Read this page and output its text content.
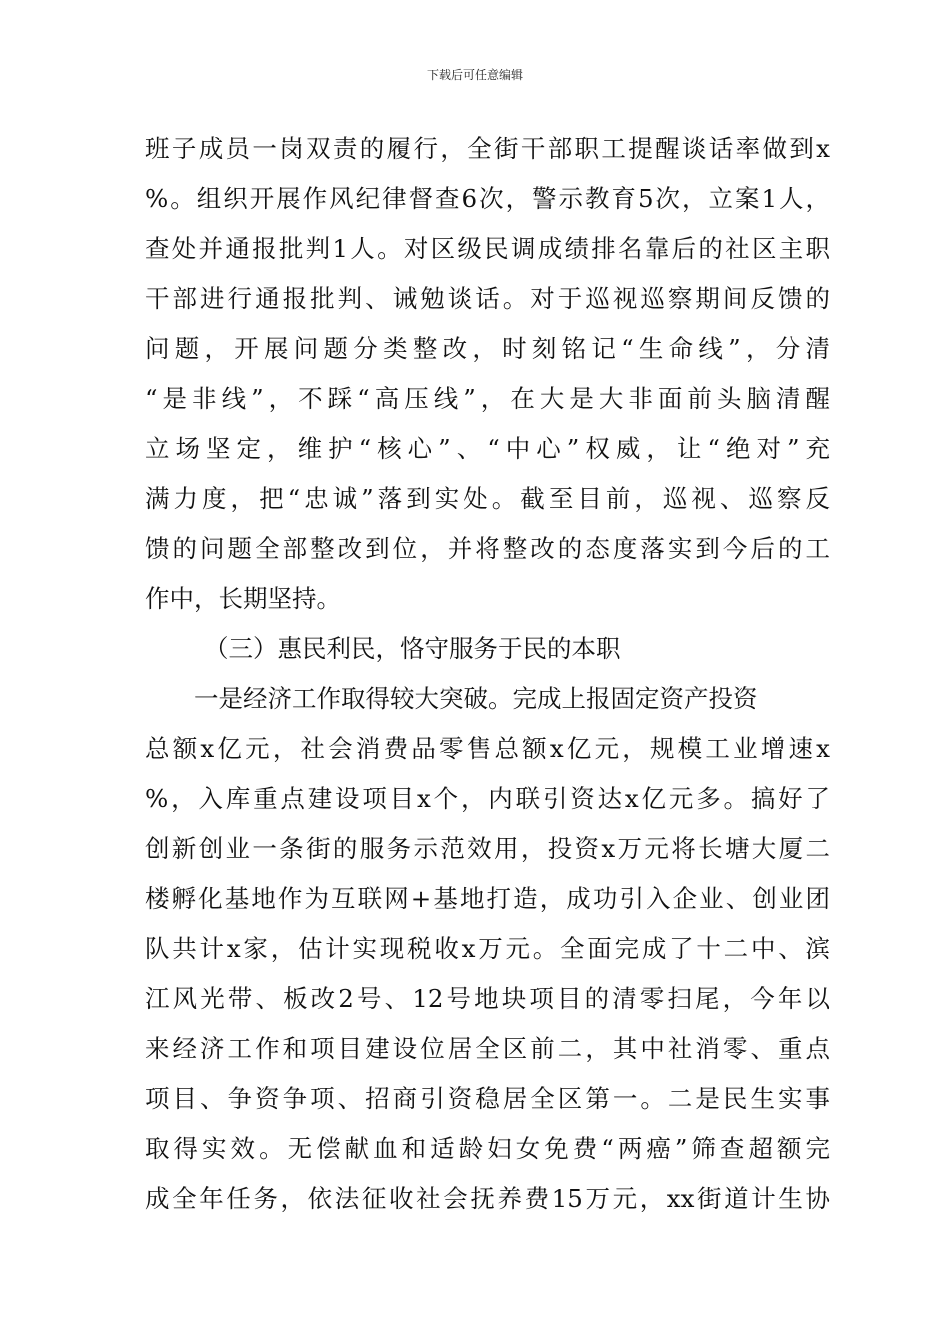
下载后可任意编辑
班子成员一岗双责的履行，全街干部职工提醒谈话率做到x
%。组织开展作风纪律督查6次，警示教育5次，立案1人，
查处并通报批判1人。对区级民调成绩排名靠后的社区主职
干部进行通报批判、诫勉谈话。对于巡视巡察期间反馈的
问题，开展问题分类整改，时刻铭记“生命线”，分清
“是非线”，不踩“高压线”，在大是大非面前头脑清醒
立场坚定，维护“核心”、“中心”权威，让“绝对”充
满力度，把“忠诚”落到实处。截至目前，巡视、巡察反
馈的问题全部整改到位，并将整改的态度落实到今后的工
作中，长期坚持。
（三）惠民利民，恪守服务于民的本职
一是经济工作取得较大突破。完成上报固定资产投资
总额x亿元，社会消费品零售总额x亿元，规模工业增速x
%，入库重点建设项目x个，内联引资达x亿元多。搞好了
创新创业一条街的服务示范效用，投资x万元将长塘大厦二
楼孵化基地作为互联网+基地打造，成功引入企业、创业团
队共计x家，估计实现税收x万元。全面完成了十二中、滨
江风光带、板改2号、12号地块项目的清零扫尾，今年以
来经济工作和项目建设位居全区前二，其中社消零、重点
项目、争资争项、招商引资稳居全区第一。二是民生实事
取得实效。无偿献血和适龄妇女免费“两癌”筛查超额完
成全年任务，依法征收社会抚养费15万元，xx街道计生协
